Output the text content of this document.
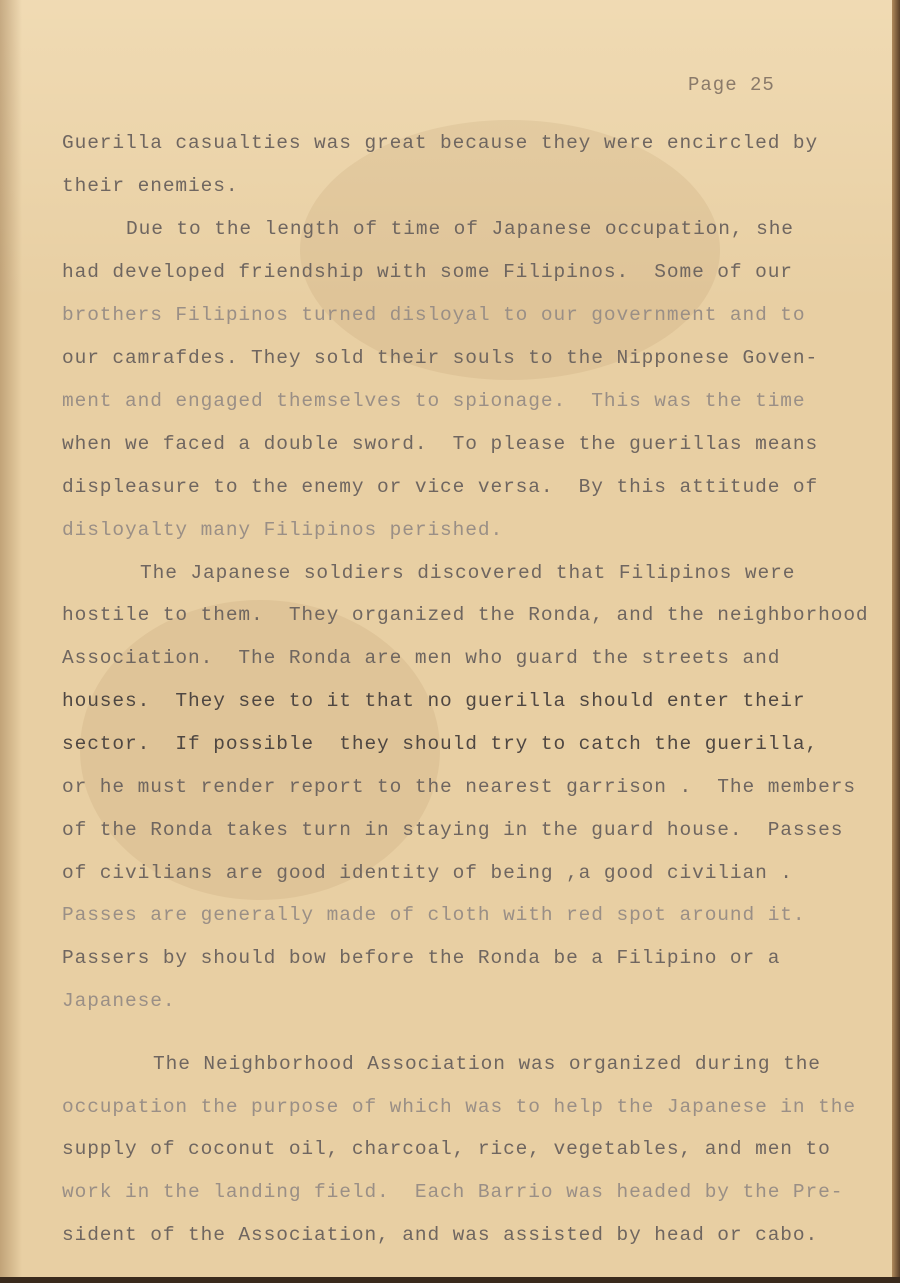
Page 25
Guerilla casualties was great because they were encircled by
their enemies.
Due to the length of time of Japanese occupation, she
had developed friendship with some Filipinos.  Some of our
brothers Filipinos turned disloyal to our government and to
our camrafdes. They sold their souls to the Nipponese Goven-
ment and engaged themselves to spionage.  This was the time
when we faced a double sword.  To please the guerillas means
displeasure to the enemy or vice versa.  By this attitude of
disloyalty many Filipinos perished.
The Japanese soldiers discovered that Filipinos were
hostile to them.  They organized the Ronda, and the neighborhood
Association.  The Ronda are men who guard the streets and
houses.  They see to it that no guerilla should enter their
sector.  If possible  they should try to catch the guerilla,
or he must render report to the nearest garrison .  The members
of the Ronda takes turn in staying in the guard house.  Passes
of civilians are good identity of being ,a good civilian .
Passes are generally made of cloth with red spot around it.
Passers by should bow before the Ronda be a Filipino or a
Japanese.
The Neighborhood Association was organized during the
occupation the purpose of which was to help the Japanese in the
supply of coconut oil, charcoal, rice, vegetables, and men to
work in the landing field.  Each Barrio was headed by the Pre-
sident of the Association, and was assisted by head or cabo.
